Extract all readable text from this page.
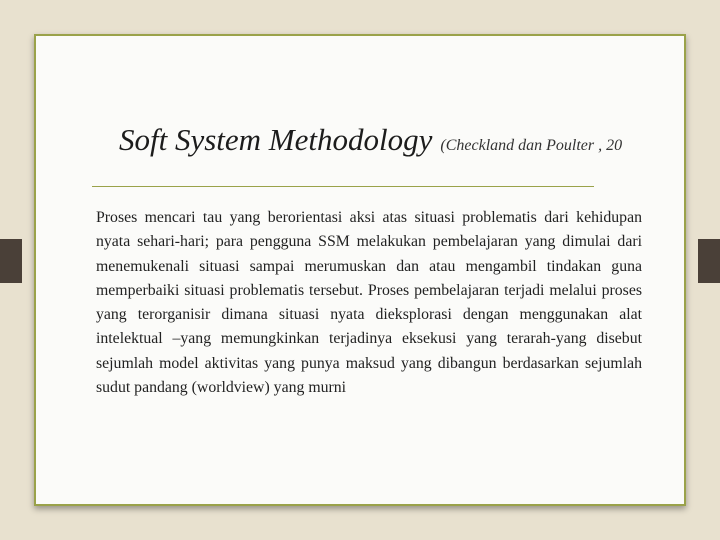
Soft System Methodology (Checkland dan Poulter , 20
Proses mencari tau yang berorientasi aksi atas situasi problematis dari kehidupan nyata sehari-hari; para pengguna SSM melakukan pembelajaran yang dimulai dari menemukenali situasi sampai merumuskan dan atau mengambil tindakan guna memperbaiki situasi problematis tersebut. Proses pembelajaran terjadi melalui proses yang terorganisir dimana situasi nyata dieksplorasi dengan menggunakan alat intelektual –yang memungkinkan terjadinya eksekusi yang terarah-yang disebut sejumlah model aktivitas yang punya maksud yang dibangun berdasarkan sejumlah sudut pandang (worldview) yang murni
